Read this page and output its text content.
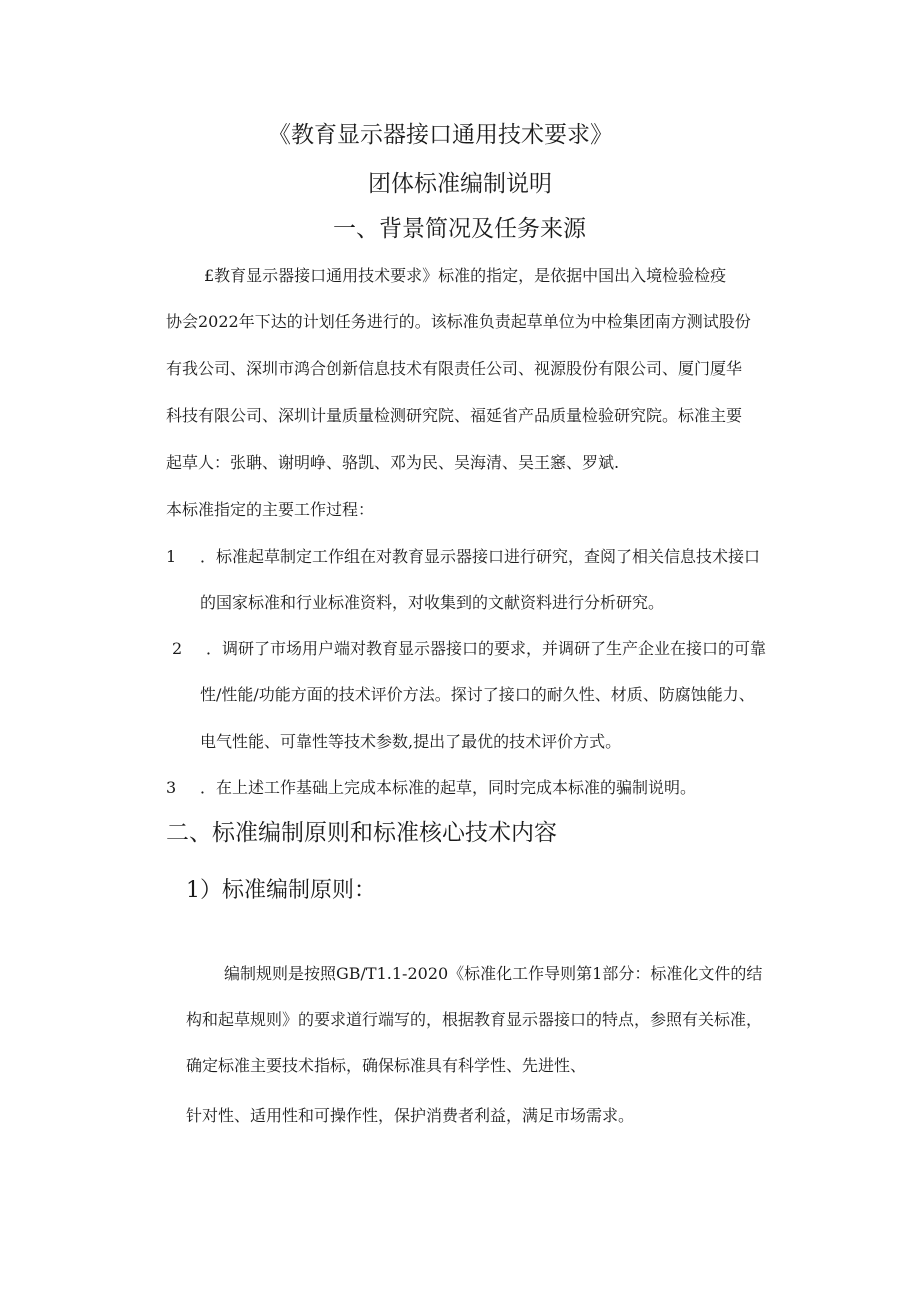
《教育显示器接口通用技术要求》

团体标准编制说明

一、背景简况及任务来源

£教育显示器接口通用技术要求》标准的指定，是依据中国出入境检验检疫

协会2022年下达的计划任务进行的。该标准负责起草单位为中检集团南方测试股份

有我公司、深圳市鸿合创新信息技术有限责任公司、视源股份有限公司、厦门厦华

科技有限公司、深圳计量质量检测研究院、福延省产品质量检验研究院。标准主要

起草人：张聃、谢明峥、骆凯、邓为民、吴海清、吴王窸、罗斌.

本标准指定的主要工作过程：

1 ．标准起草制定工作组在对教育显示器接口进行研究，查阅了相关信息技术接口

的国家标准和行业标准资料，对收集到的文献资料进行分析研究。

2 ．调研了市场用户端对教育显示器接口的要求，并调研了生产企业在接口的可靠

性/性能/功能方面的技术评价方法。探讨了接口的耐久性、材质、防腐蚀能力、

电气性能、可靠性等技术参数,提出了最优的技术评价方式。

3 ．在上述工作基础上完成本标准的起草，同时完成本标准的骗制说明。

二、标准编制原则和标准核心技术内容

1）标准编制原则：

编制规则是按照GB/T1.1-2020《标准化工作导则第1部分：标准化文件的结

构和起草规则》的要求道行端写的，根据教育显示器接口的特点，参照有关标准，

确定标准主要技术指标，确保标准具有科学性、先进性、

针对性、适用性和可操作性，保护消费者利益，满足市场需求。
